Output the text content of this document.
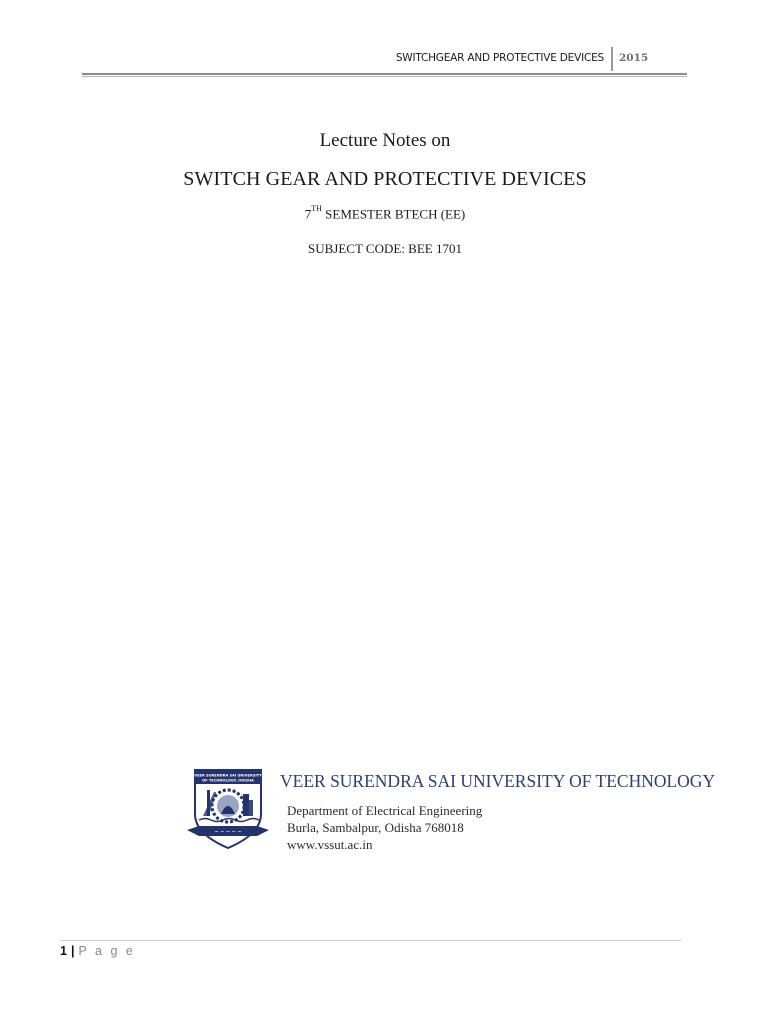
SWITCHGEAR AND PROTECTIVE DEVICES 2015
Lecture Notes on
SWITCH GEAR AND PROTECTIVE DEVICES
7TH SEMESTER BTECH (EE)
SUBJECT CODE: BEE 1701
VEER SURENDRA SAI UNIVERSITY
OF TECHNOLOGY, ODISHA
~ ~ ~ ~ ~
VEER SURENDRA SAI UNIVERSITY OF TECHNOLOGY
Department of Electrical Engineering
Burla, Sambalpur, Odisha 768018
www.vssut.ac.in
1 | P a g e
